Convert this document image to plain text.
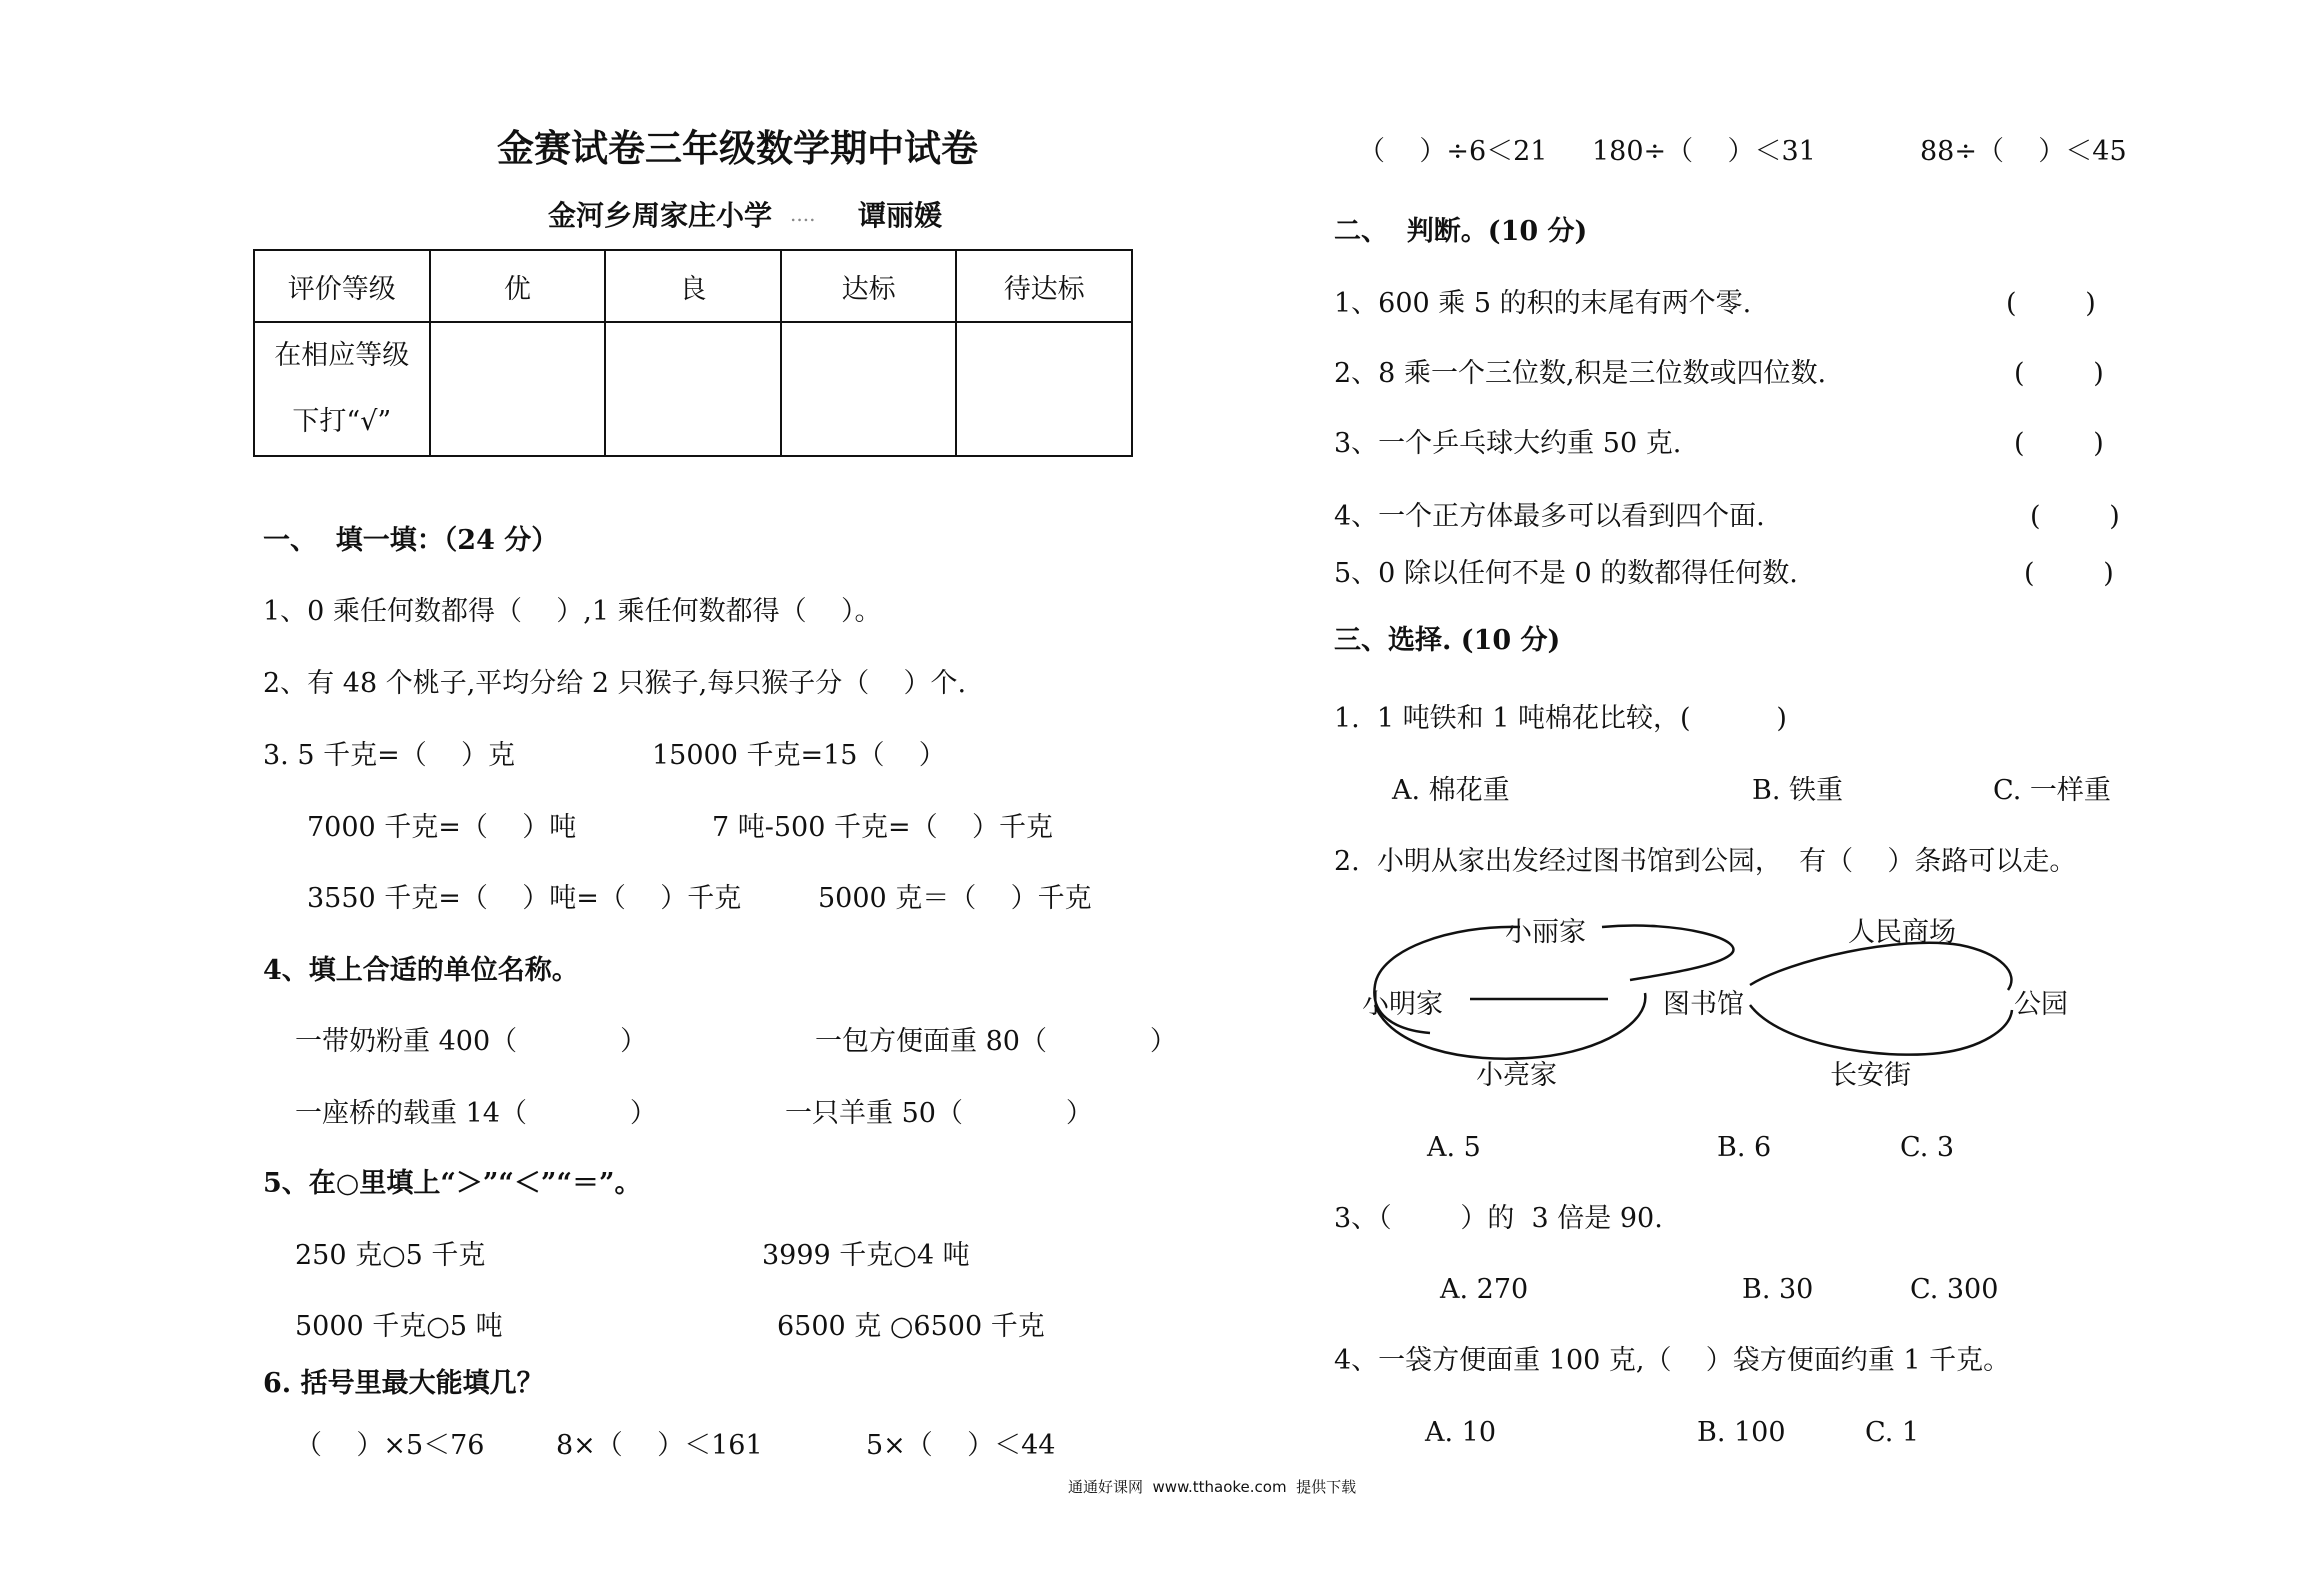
金赛试卷三年级数学期中试卷
金河乡周家庄小学 .... 谭丽媛
评价等级	优	良	达标	待达标

在相应等级
下打“√”				

一、  填一填：（24 分）
1、0 乘任何数都得（    ）,1 乘任何数都得（    ）。
2、有 48 个桃子,平均分给 2 只猴子,每只猴子分（    ）个.
3. 5 千克=（    ）克	15000 千克=15（    ）
7000 千克=（    ）吨	7 吨-500 千克=（    ）千克
3550 千克=（    ）吨=（    ）千克	5000 克＝（    ）千克
4、填上合适的单位名称。
一带奶粉重 400（            ）	一包方便面重 80（            ）
一座桥的载重 14（            ）	一只羊重 50（            ）
5、在○里填上“＞”“＜”“＝”。
250 克○5 千克	3999 千克○4 吨
5000 千克○5 吨	6500 克 ○6500 千克
6. 括号里最大能填几？
（    ）×5＜76	8×（    ）＜161	5×（    ）＜44
（    ）÷6＜21 180÷（    ）＜31	88÷（    ）＜45
二、  判断。(10 分)
1、600 乘 5 的积的末尾有两个零.	(        )
2、8 乘一个三位数,积是三位数或四位数.	(        )
3、一个乒乓球大约重 50 克.	(        )
4、一个正方体最多可以看到四个面.	(        )
5、0 除以任何不是 0 的数都得任何数.	(        )
三、选择. (10 分)
1.  1 吨铁和 1 吨棉花比较，(          )
A. 棉花重	B. 铁重	C. 一样重
2.  小明从家出发经过图书馆到公园，  有（    ）条路可以走。
小丽家	人民商场
小明家	图书馆	公园
小亮家	长安街
A. 5	B. 6	C. 3
3、（        ）的  3 倍是 90.
A. 270	B. 30	C. 300
4、一袋方便面重 100 克,（    ）袋方便面约重 1 千克。
A. 10	B. 100	C. 1
通通好课网  www.tthaoke.com  提供下载
